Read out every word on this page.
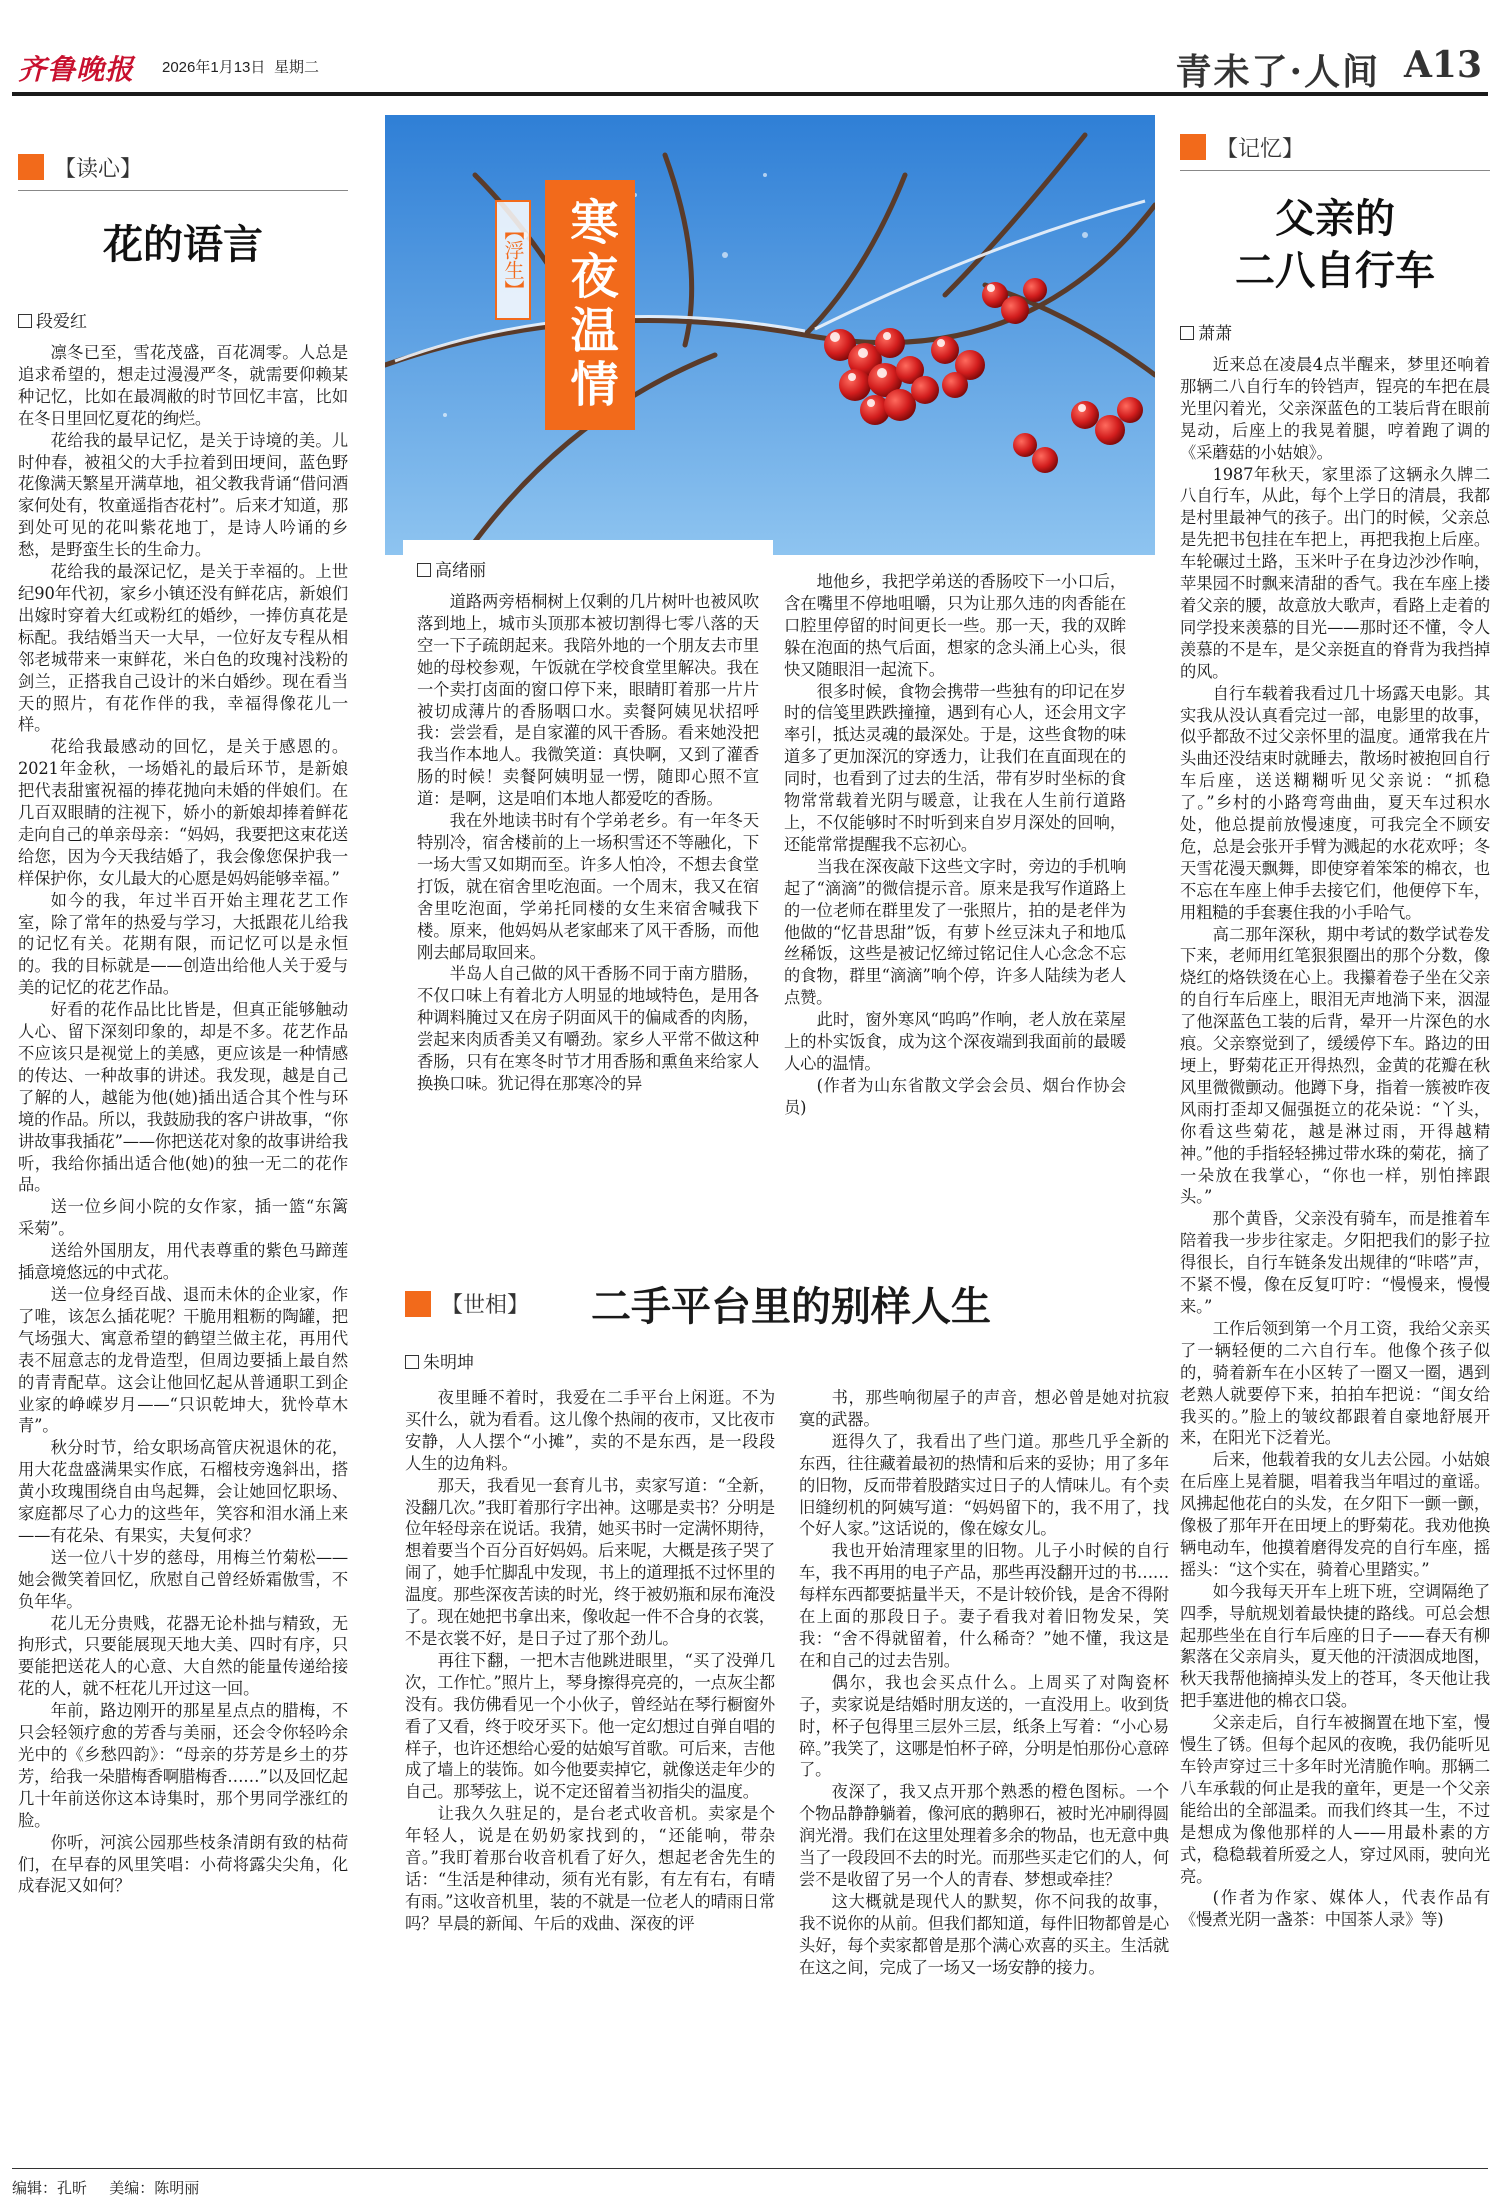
齐鲁晚报 2026年1月13日 星期二	青未了·人间 A13
【读心】
花的语言
段爱红

凛冬已至，雪花茂盛，百花凋零。人总是追求希望的，想走过漫漫严冬，就需要仰赖某种记忆，比如在最凋敝的时节回忆丰富，比如在冬日里回忆夏花的绚烂。

花给我的最早记忆，是关于诗境的美。儿时仲春，被祖父的大手拉着到田埂间，蓝色野花像满天繁星开满草地，祖父教我背诵“借问酒家何处有，牧童遥指杏花村”。后来才知道，那到处可见的花叫紫花地丁，是诗人吟诵的乡愁，是野蛮生长的生命力。

花给我的最深记忆，是关于幸福的。上世纪90年代初，家乡小镇还没有鲜花店，新娘们出嫁时穿着大红或粉红的婚纱，一捧仿真花是标配。我结婚当天一大早，一位好友专程从相邻老城带来一束鲜花，米白色的玫瑰衬浅粉的剑兰，正搭我自己设计的米白婚纱。现在看当天的照片，有花作伴的我，幸福得像花儿一样。

花给我最感动的回忆，是关于感恩的。2021年金秋，一场婚礼的最后环节，是新娘把代表甜蜜祝福的捧花抛向未婚的伴娘们。在几百双眼睛的注视下，娇小的新娘却捧着鲜花走向自己的单亲母亲：“妈妈，我要把这束花送给您，因为今天我结婚了，我会像您保护我一样保护你，女儿最大的心愿是妈妈能够幸福。”

如今的我，年过半百开始主理花艺工作室，除了常年的热爱与学习，大抵跟花儿给我的记忆有关。花期有限，而记忆可以是永恒的。我的目标就是——创造出给他人关于爱与美的记忆的花艺作品。

好看的花作品比比皆是，但真正能够触动人心、留下深刻印象的，却是不多。花艺作品不应该只是视觉上的美感，更应该是一种情感的传达、一种故事的讲述。我发现，越是自己了解的人，越能为他(她)插出适合其个性与环境的作品。所以，我鼓励我的客户讲故事，“你讲故事我插花”——你把送花对象的故事讲给我听，我给你插出适合他(她)的独一无二的花作品。

送一位乡间小院的女作家，插一篮“东篱采菊”。

送给外国朋友，用代表尊重的紫色马蹄莲插意境悠远的中式花。

送一位身经百战、退而未休的企业家，作了唯，该怎么插花呢？干脆用粗粝的陶罐，把气场强大、寓意希望的鹤望兰做主花，再用代表不屈意志的龙骨造型，但周边要插上最自然的青青配草。这会让他回忆起从普通职工到企业家的峥嵘岁月——“只识乾坤大，犹怜草木青”。

秋分时节，给女职场高管庆祝退休的花，用大花盘盛满果实作底，石榴枝旁逸斜出，搭黄小玫瑰围绕自由鸟起舞，会让她回忆职场、家庭都尽了心力的这些年，笑容和泪水涌上来——有花朵、有果实，夫复何求？

送一位八十岁的慈母，用梅兰竹菊松——她会微笑着回忆，欣慰自己曾经娇霜傲雪，不负年华。

花儿无分贵贱，花器无论朴拙与精致，无拘形式，只要能展现天地大美、四时有序，只要能把送花人的心意、大自然的能量传递给接花的人，就不枉花儿开过这一回。

年前，路边刚开的那星星点点的腊梅，不只会轻领疗愈的芳香与美丽，还会令你轻吟余光中的《乡愁四韵》：“母亲的芬芳是乡土的芬芳，给我一朵腊梅香啊腊梅香……”以及回忆起几十年前送你这本诗集时，那个男同学涨红的脸。

你听，河滨公园那些枝条清朗有致的枯荷们，在早春的风里笑唱：小荷将露尖尖角，化成春泥又如何？

【浮生】 寒夜温情
高绪丽

道路两旁梧桐树上仅剩的几片树叶也被风吹落到地上，城市头顶那本被切割得七零八落的天空一下子疏朗起来。我陪外地的一个朋友去市里她的母校参观，午饭就在学校食堂里解决。我在一个卖打卤面的窗口停下来，眼睛盯着那一片片被切成薄片的香肠咽口水。卖餐阿姨见状招呼我：尝尝看，是自家灌的风干香肠。看来她没把我当作本地人。我微笑道：真快啊，又到了灌香肠的时候！卖餐阿姨明显一愣，随即心照不宣道：是啊，这是咱们本地人都爱吃的香肠。

我在外地读书时有个学弟老乡。有一年冬天特别冷，宿舍楼前的上一场积雪还不等融化，下一场大雪又如期而至。许多人怕冷，不想去食堂打饭，就在宿舍里吃泡面。一个周末，我又在宿舍里吃泡面，学弟托同楼的女生来宿舍喊我下楼。原来，他妈妈从老家邮来了风干香肠，而他刚去邮局取回来。

半岛人自己做的风干香肠不同于南方腊肠，不仅口味上有着北方人明显的地域特色，是用各种调料腌过又在房子阴面风干的偏咸香的肉肠，尝起来肉质香美又有嚼劲。家乡人平常不做这种香肠，只有在寒冬时节才用香肠和熏鱼来给家人换换口味。犹记得在那寒冷的异

地他乡，我把学弟送的香肠咬下一小口后，含在嘴里不停地咀嚼，只为让那久违的肉香能在口腔里停留的时间更长一些。那一天，我的双眸躲在泡面的热气后面，想家的念头涌上心头，很快又随眼泪一起流下。

很多时候，食物会携带一些独有的印记在岁时的信笺里跌跌撞撞，遇到有心人，还会用文字率引，抵达灵魂的最深处。于是，这些食物的味道多了更加深沉的穿透力，让我们在直面现在的同时，也看到了过去的生活，带有岁时坐标的食物常常载着光阴与暖意，让我在人生前行道路上，不仅能够时不时听到来自岁月深处的回响，还能常常提醒我不忘初心。

当我在深夜敲下这些文字时，旁边的手机响起了“滴滴”的微信提示音。原来是我写作道路上的一位老师在群里发了一张照片，拍的是老伴为他做的“忆昔思甜”饭，有萝卜丝豆沫丸子和地瓜丝稀饭，这些是被记忆缔过铭记住人心念念不忘的食物，群里“滴滴”响个停，许多人陆续为老人点赞。

此时，窗外寒风“呜呜”作响，老人放在菜屋上的朴实饭食，成为这个深夜端到我面前的最暖人心的温情。

(作者为山东省散文学会会员、烟台作协会员)

【世相】 二手平台里的别样人生
朱明坤

夜里睡不着时，我爱在二手平台上闲逛。不为买什么，就为看看。这儿像个热闹的夜市，又比夜市安静，人人摆个“小摊”，卖的不是东西，是一段段人生的边角料。

那天，我看见一套育儿书，卖家写道：“全新，没翻几次。”我盯着那行字出神。这哪是卖书？分明是位年轻母亲在说话。我猜，她买书时一定满怀期待，想着要当个百分百好妈妈。后来呢，大概是孩子哭了闹了，她手忙脚乱中发现，书上的道理抵不过怀里的温度。那些深夜苦读的时光，终于被奶瓶和尿布淹没了。现在她把书拿出来，像收起一件不合身的衣裳，不是衣裳不好，是日子过了那个劲儿。

再往下翻，一把木吉他跳进眼里，“买了没弹几次，工作忙。”照片上，琴身擦得亮亮的，一点灰尘都没有。我仿佛看见一个小伙子，曾经站在琴行橱窗外看了又看，终于咬牙买下。他一定幻想过自弹自唱的样子，也许还想给心爱的姑娘写首歌。可后来，吉他成了墙上的装饰。如今他要卖掉它，就像送走年少的自己。那琴弦上，说不定还留着当初指尖的温度。

让我久久驻足的，是台老式收音机。卖家是个年轻人，说是在奶奶家找到的，“还能响，带杂音。”我盯着那台收音机看了好久，想起老舍先生的话：“生活是种律动，须有光有影，有左有右，有晴有雨。”这收音机里，装的不就是一位老人的晴雨日常吗？早晨的新闻、午后的戏曲、深夜的评

书，那些响彻屋子的声音，想必曾是她对抗寂寞的武器。

逛得久了，我看出了些门道。那些几乎全新的东西，往往藏着最初的热情和后来的妥协；用了多年的旧物，反而带着股踏实过日子的人情味儿。有个卖旧缝纫机的阿姨写道：“妈妈留下的，我不用了，找个好人家。”这话说的，像在嫁女儿。

我也开始清理家里的旧物。儿子小时候的自行车，我不再用的电子产品，那些再没翻开过的书……每样东西都要掂量半天，不是计较价钱，是舍不得附在上面的那段日子。妻子看我对着旧物发呆，笑我：“舍不得就留着，什么稀奇？”她不懂，我这是在和自己的过去告别。

偶尔，我也会买点什么。上周买了对陶瓷杯子，卖家说是结婚时朋友送的，一直没用上。收到货时，杯子包得里三层外三层，纸条上写着：“小心易碎。”我笑了，这哪是怕杯子碎，分明是怕那份心意碎了。

夜深了，我又点开那个熟悉的橙色图标。一个个物品静静躺着，像河底的鹅卵石，被时光冲刷得圆润光滑。我们在这里处理着多余的物品，也无意中典当了一段段回不去的时光。而那些买走它们的人，何尝不是收留了另一个人的青春、梦想或牵挂？

这大概就是现代人的默契，你不问我的故事，我不说你的从前。但我们都知道，每件旧物都曾是心头好，每个卖家都曾是那个满心欢喜的买主。生活就在这之间，完成了一场又一场安静的接力。

【记忆】
父亲的
二八自行车
萧萧

近来总在凌晨4点半醒来，梦里还响着那辆二八自行车的铃铛声，锃亮的车把在晨光里闪着光，父亲深蓝色的工装后背在眼前晃动，后座上的我晃着腿，哼着跑了调的《采蘑菇的小姑娘》。

1987年秋天，家里添了这辆永久牌二八自行车，从此，每个上学日的清晨，我都是村里最神气的孩子。出门的时候，父亲总是先把书包挂在车把上，再把我抱上后座。车轮碾过土路，玉米叶子在身边沙沙作响，苹果园不时飘来清甜的香气。我在车座上搂着父亲的腰，故意放大歌声，看路上走着的同学投来羡慕的目光——那时还不懂，令人羡慕的不是车，是父亲挺直的脊背为我挡掉的风。

自行车载着我看过几十场露天电影。其实我从没认真看完过一部，电影里的故事，似乎都敌不过父亲怀里的温度。通常我在片头曲还没结束时就睡去，散场时被抱回自行车后座，送送糊糊听见父亲说：“抓稳了。”乡村的小路弯弯曲曲，夏天车过积水处，他总提前放慢速度，可我完全不顾安危，总是会张开手臂为溅起的水花欢呼；冬天雪花漫天飘舞，即使穿着笨笨的棉衣，也不忘在车座上伸手去接它们，他便停下车，用粗糙的手套裹住我的小手哈气。

高二那年深秋，期中考试的数学试卷发下来，老师用红笔狠狠圈出的那个分数，像烧红的烙铁烫在心上。我攥着卷子坐在父亲的自行车后座上，眼泪无声地淌下来，洇湿了他深蓝色工装的后背，晕开一片深色的水痕。父亲察觉到了，缓缓停下车。路边的田埂上，野菊花正开得热烈，金黄的花瓣在秋风里微微颤动。他蹲下身，指着一簇被昨夜风雨打歪却又倔强挺立的花朵说：“丫头，你看这些菊花，越是淋过雨，开得越精神。”他的手指轻轻拂过带水珠的菊花，摘了一朵放在我掌心，“你也一样，别怕摔跟头。”

那个黄昏，父亲没有骑车，而是推着车陪着我一步步往家走。夕阳把我们的影子拉得很长，自行车链条发出规律的“咔嗒”声，不紧不慢，像在反复叮咛：“慢慢来，慢慢来。”

工作后领到第一个月工资，我给父亲买了一辆轻便的二六自行车。他像个孩子似的，骑着新车在小区转了一圈又一圈，遇到老熟人就要停下来，拍拍车把说：“闺女给我买的。”脸上的皱纹都跟着自豪地舒展开来，在阳光下泛着光。

后来，他载着我的女儿去公园。小姑娘在后座上晃着腿，唱着我当年唱过的童谣。风拂起他花白的头发，在夕阳下一颤一颤，像极了那年开在田埂上的野菊花。我劝他换辆电动车，他摸着磨得发亮的自行车座，摇摇头：“这个实在，骑着心里踏实。”

如今我每天开车上班下班，空调隔绝了四季，导航规划着最快捷的路线。可总会想起那些坐在自行车后座的日子——春天有柳絮落在父亲肩头，夏天他的汗渍洇成地图，秋天我帮他摘掉头发上的苍耳，冬天他让我把手塞进他的棉衣口袋。

父亲走后，自行车被搁置在地下室，慢慢生了锈。但每个起风的夜晚，我仍能听见车铃声穿过三十多年时光清脆作响。那辆二八车承载的何止是我的童年，更是一个父亲能给出的全部温柔。而我们终其一生，不过是想成为像他那样的人——用最朴素的方式，稳稳载着所爱之人，穿过风雨，驶向光亮。

(作者为作家、媒体人，代表作品有《慢煮光阴一盏茶：中国茶人录》等)

编辑：孔昕 美编：陈明丽
